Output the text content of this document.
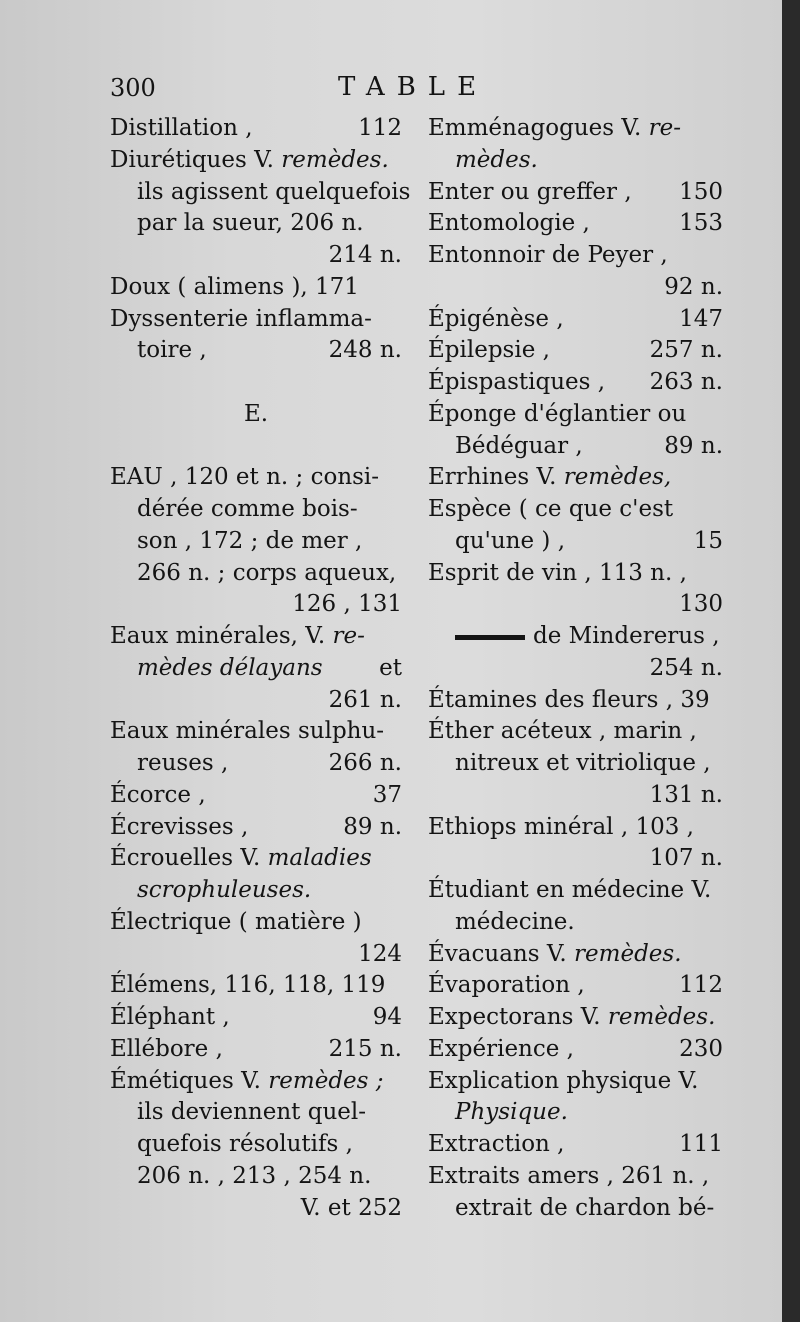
300	TABLE
Distillation ,	112
Diurétiques V. remèdes.
ils agissent quelquefois
par la sueur, 206 n.
214 n.
Doux ( alimens ), 171
Dyssenterie inflamma-
toire ,	248 n.
E.
EAU , 120 et n. ; consi-
dérée comme bois-
son , 172 ; de mer ,
266 n. ; corps aqueux,
126 , 131
Eaux minérales, V. re-
mèdes délayans et
261 n.
Eaux minérales sulphu-
reuses ,	266 n.
Écorce ,	37
Écrevisses ,	89 n.
Écrouelles V. maladies
scrophuleuses.
Électrique ( matière )
124
Élémens, 116, 118, 119
Éléphant ,	94
Ellébore ,	215 n.
Émétiques V. remèdes ;
ils deviennent quel-
quefois résolutifs ,
206 n. , 213 , 254 n.
V. et 252
Emménagogues V. re-
mèdes.
Enter ou greffer , 150
Entomologie ,	153
Entonnoir de Peyer ,
92 n.
Épigénèse ,	147
Épilepsie ,	257 n.
Épispastiques , 263 n.
Éponge d'églantier ou
Bédéguar ,	89 n.
Errhines V. remèdes,
Espèce ( ce que c'est
qu'une ) ,	15
Esprit de vin , 113 n. ,
130
de Mindererus ,
254 n.
Étamines des fleurs , 39
Éther acéteux , marin ,
nitreux et vitriolique ,
131 n.
Ethiops minéral , 103 ,
107 n.
Étudiant en médecine V.
médecine.
Évacuans V. remèdes.
Évaporation ,	112
Expectorans V. remèdes.
Expérience ,	230
Explication physique V.
Physique.
Extraction ,	111
Extraits amers , 261 n. ,
extrait de chardon bé-
